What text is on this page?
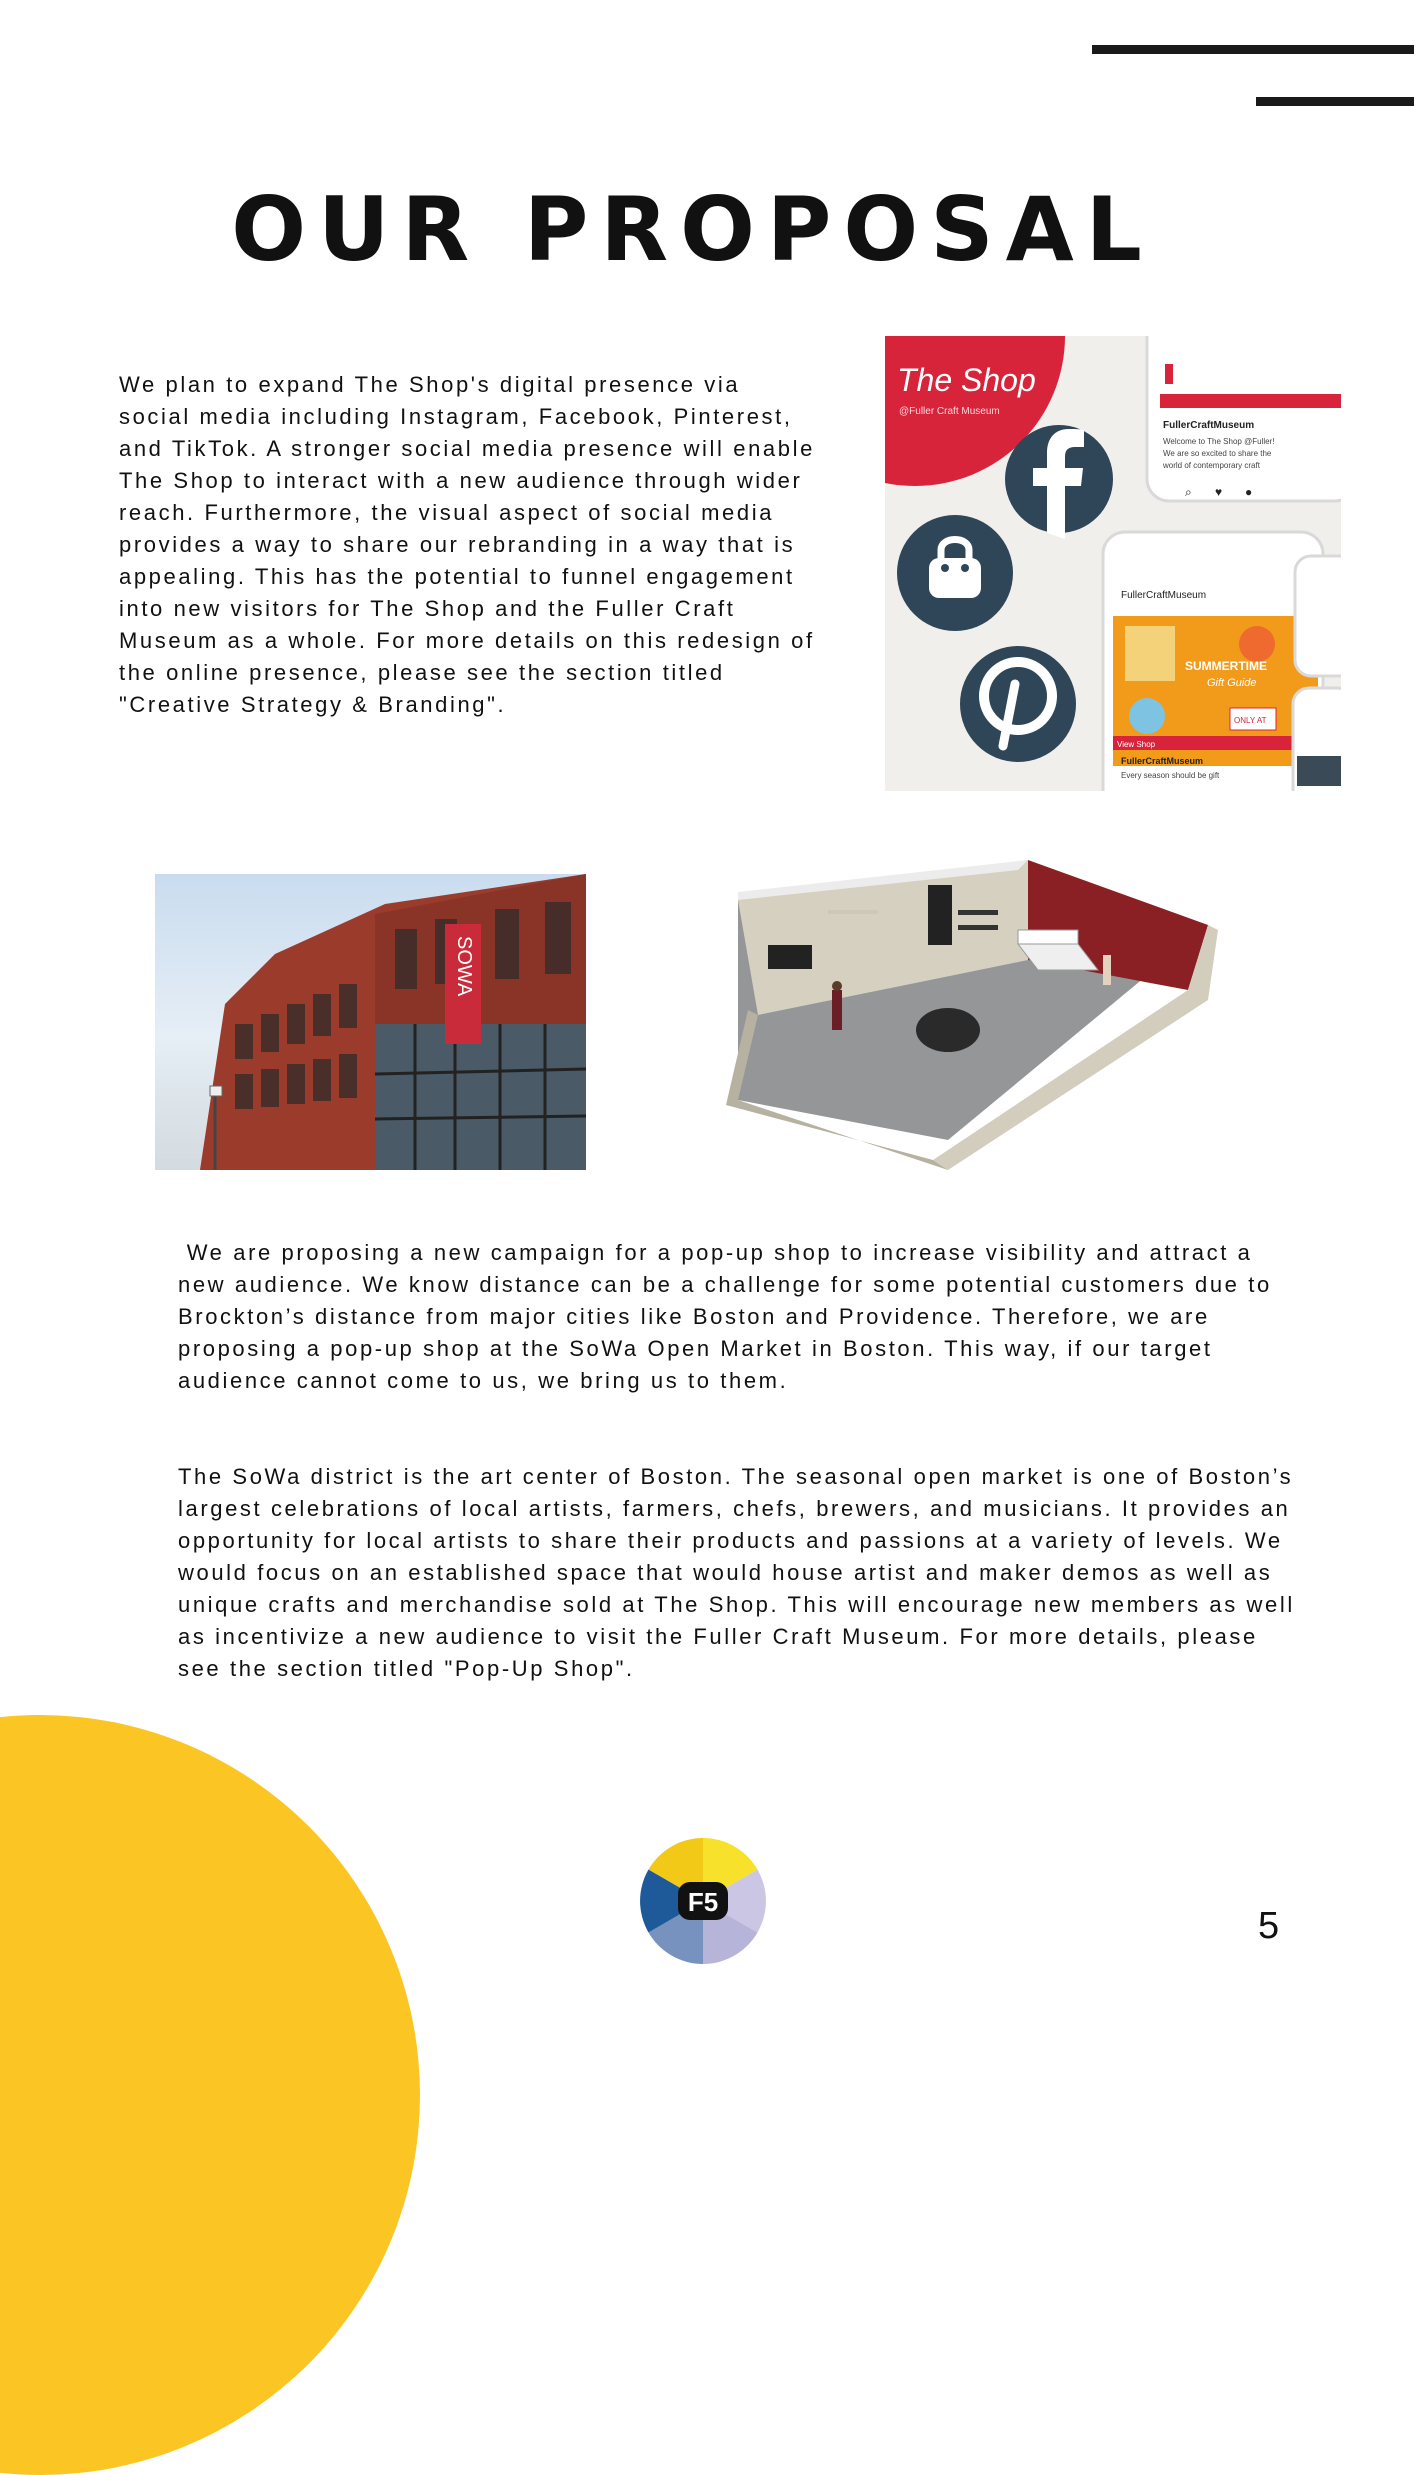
OUR PROPOSAL

We plan to expand The Shop's digital presence via social media including Instagram, Facebook, Pinterest, and TikTok. A stronger social media presence will enable The Shop to interact with a new audience through wider reach. Furthermore, the visual aspect of social media provides a way to share our rebranding in a way that is appealing. This has the potential to funnel engagement into new visitors for The Shop and the Fuller Craft Museum as a whole. For more details on this redesign of the online presence, please see the section titled "Creative Strategy & Branding".

The Shop
@Fuller Craft Museum
FullerCraftMuseum
Welcome to The Shop @Fuller!
We are so excited to share the
world of contemporary craft
⌕ ♥ ●
FullerCraftMuseum
SUMMERTIME
Gift Guide
ONLY AT
View Shop
FullerCraftMuseum
Every season should be gift
SOWA

We are proposing a new campaign for a pop-up shop to increase visibility and attract a new audience. We know distance can be a challenge for some potential customers due to Brockton’s distance from major cities like Boston and Providence. Therefore, we are proposing a pop-up shop at the SoWa Open Market in Boston. This way, if our target audience cannot come to us, we bring us to them.

The SoWa district is the art center of Boston. The seasonal open market is one of Boston’s largest celebrations of local artists, farmers, chefs, brewers, and musicians. It provides an opportunity for local artists to share their products and passions at a variety of levels. We would focus on an established space that would house artist and maker demos as well as unique crafts and merchandise sold at The Shop. This will encourage new members as well as incentivize a new audience to visit the Fuller Craft Museum. For more details, please see the section titled "Pop-Up Shop".

F5
5
